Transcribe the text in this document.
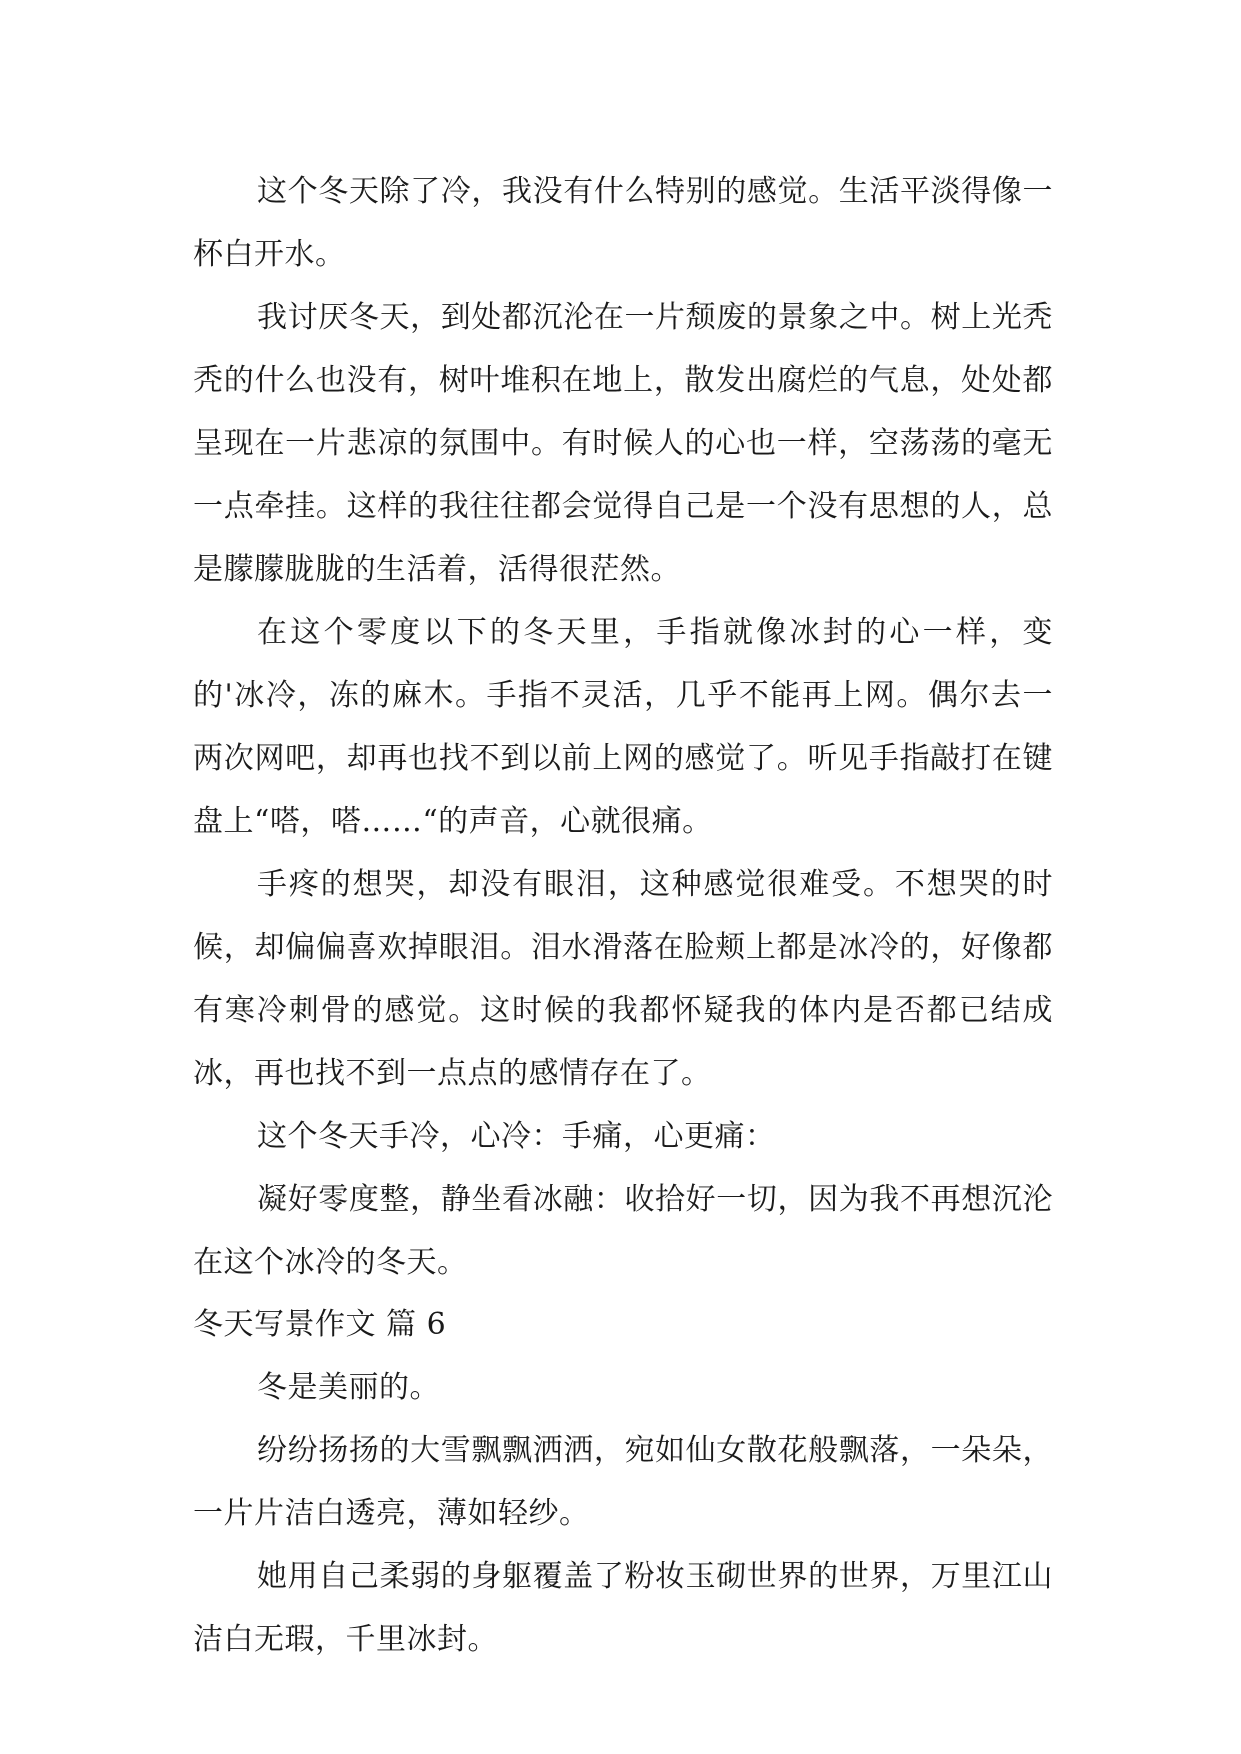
这个冬天除了冷，我没有什么特别的感觉。生活平淡得像一杯白开水。

我讨厌冬天，到处都沉沦在一片颓废的景象之中。树上光秃秃的什么也没有，树叶堆积在地上，散发出腐烂的气息，处处都呈现在一片悲凉的氛围中。有时候人的心也一样，空荡荡的毫无一点牵挂。这样的我往往都会觉得自己是一个没有思想的人，总是朦朦胧胧的生活着，活得很茫然。

在这个零度以下的冬天里，手指就像冰封的心一样，变的'冰冷，冻的麻木。手指不灵活，几乎不能再上网。偶尔去一两次网吧，却再也找不到以前上网的感觉了。听见手指敲打在键盘上“嗒，嗒……“的声音，心就很痛。

手疼的想哭，却没有眼泪，这种感觉很难受。不想哭的时候，却偏偏喜欢掉眼泪。泪水滑落在脸颊上都是冰冷的，好像都有寒冷刺骨的感觉。这时候的我都怀疑我的体内是否都已结成冰，再也找不到一点点的感情存在了。

这个冬天手冷，心冷：手痛，心更痛：

凝好零度整，静坐看冰融：收拾好一切，因为我不再想沉沦在这个冰冷的冬天。

冬天写景作文 篇 6

冬是美丽的。

纷纷扬扬的大雪飘飘洒洒，宛如仙女散花般飘落，一朵朵，一片片洁白透亮，薄如轻纱。

她用自己柔弱的身躯覆盖了粉妆玉砌世界的世界，万里江山洁白无瑕，千里冰封。
